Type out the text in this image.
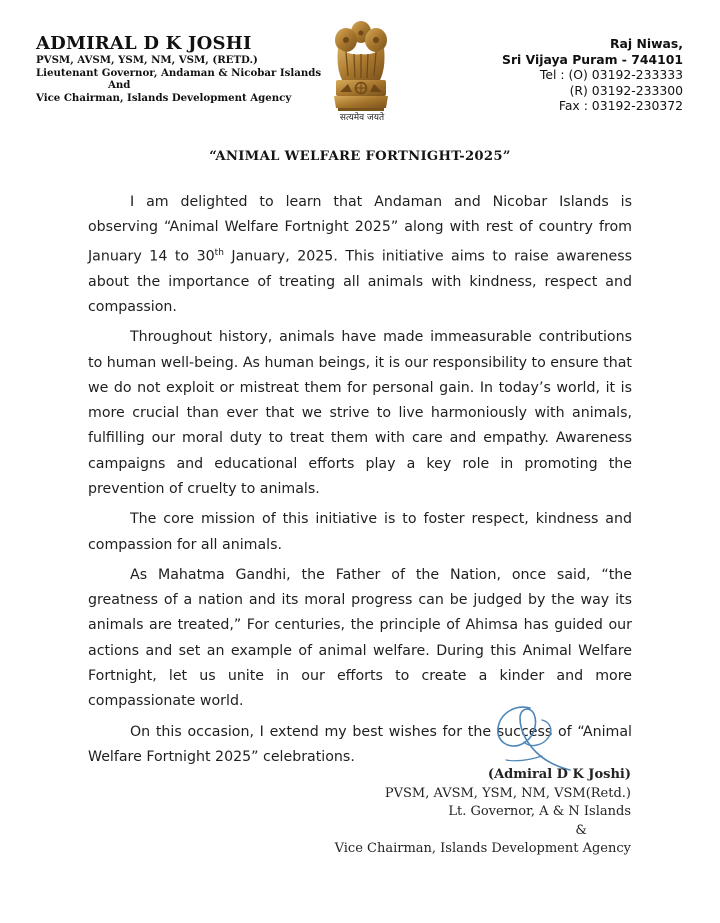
ADMIRAL D K JOSHI
PVSM, AVSM, YSM, NM, VSM, (RETD.)
Lieutenant Governor, Andaman & Nicobar Islands
And
Vice Chairman, Islands Development Agency
सत्यमेव जयते
Raj Niwas,
Sri Vijaya Puram - 744101
Tel : (O) 03192-233333
(R) 03192-233300
Fax : 03192-230372
“ANIMAL WELFARE FORTNIGHT-2025”

I am delighted to learn that Andaman and Nicobar Islands is observing “Animal Welfare Fortnight 2025” along with rest of country from January 14 to 30th January, 2025. This initiative aims to raise awareness about the importance of treating all animals with kindness, respect and compassion.

Throughout history, animals have made immeasurable contributions to human well-being. As human beings, it is our responsibility to ensure that we do not exploit or mistreat them for personal gain. In today’s world, it is more crucial than ever that we strive to live harmoniously with animals, fulfilling our moral duty to treat them with care and empathy. Awareness campaigns and educational efforts play a key role in promoting the prevention of cruelty to animals.

The core mission of this initiative is to foster respect, kindness and compassion for all animals.

As Mahatma Gandhi, the Father of the Nation, once said, “the greatness of a nation and its moral progress can be judged by the way its animals are treated,” For centuries, the principle of Ahimsa has guided our actions and set an example of animal welfare. During this Animal Welfare Fortnight, let us unite in our efforts to create a kinder and more compassionate world.

On this occasion, I extend my best wishes for the success of “Animal Welfare Fortnight 2025” celebrations.

(Admiral D K Joshi)
PVSM, AVSM, YSM, NM, VSM(Retd.)
Lt. Governor, A & N Islands
&
Vice Chairman, Islands Development Agency
